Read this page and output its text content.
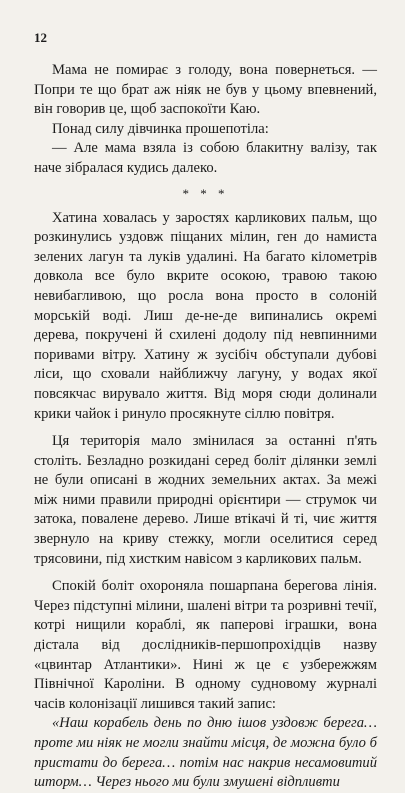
12

Мама не помирає з голоду, вона повернеться. — Попри те що брат аж ніяк не був у цьому впевнений, він говорив це, щоб заспокоїти Каю.

Понад силу дівчинка прошепотіла:

— Але мама взяла із собою блакитну валізу, так наче зібралася кудись далеко.

* * *

Хатина ховалась у заростях карликових пальм, що розкинулись уздовж піщаних мілин, ген до намиста зелених лагун та луків удалині. На багато кілометрів довкола все було вкрите осокою, травою такою невибагливою, що росла вона просто в солоній морській воді. Лиш де-не-де випинались окремі дерева, покручені й схилені додолу під невпинними поривами вітру. Хатину ж зусібіч обступали дубові ліси, що сховали найближчу лагуну, у водах якої повсякчас вирувало життя. Від моря сюди долинали крики чайок і ринуло просякнуте сіллю повітря.

Ця територія мало змінилася за останні п'ять століть. Безладно розкидані серед боліт ділянки землі не були описані в жодних земельних актах. За межі між ними правили природні орієнтири — струмок чи затока, повалене дерево. Лише втікачі й ті, чиє життя звернуло на криву стежку, могли оселитися серед трясовини, під хистким навісом з карликових пальм.

Спокій боліт охороняла пошарпана берегова лінія. Через підступні мілини, шалені вітри та розривні течії, котрі нищили кораблі, як паперові іграшки, вона дістала від дослідників-першопрохідців назву «цвинтар Атлантики». Нині ж це є узбережжям Північної Кароліни. В одному судновому журналі часів колонізації лишився такий запис:

«Наш корабель день по дню ішов уздовж берега… проте ми ніяк не могли знайти місця, де можна було б пристати до берега… потім нас накрив несамовитий шторм… Через нього ми були змушені відпливти
